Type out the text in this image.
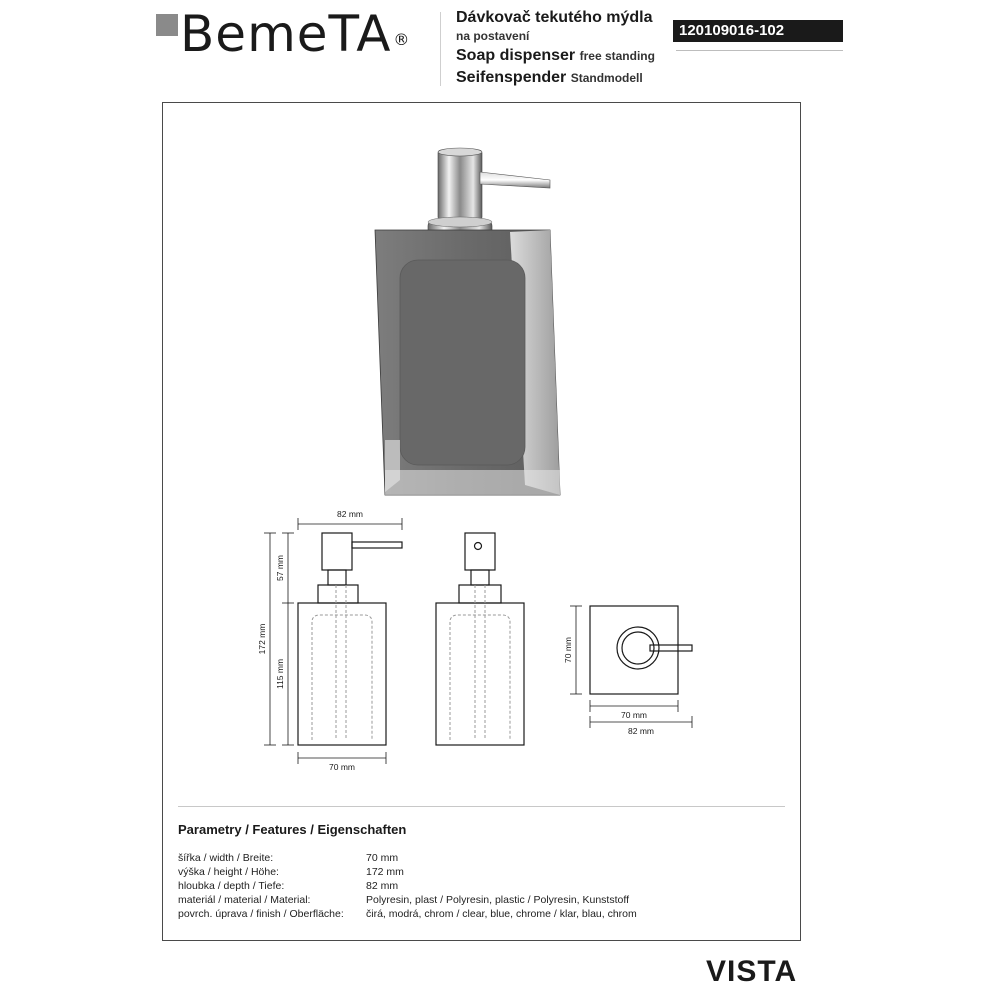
BemeTA ®
Dávkovač tekutého mýdla
na postavení
Soap dispenser free standing
Seifenspender Standmodell
120109016-102
82 mm
57 mm
172 mm
115 mm
70 mm
70 mm
70 mm
82 mm
Parametry / Features / Eigenschaften
šířka / width / Breite:	70 mm
výška / height / Höhe:	172 mm
hloubka / depth / Tiefe:	82 mm
materiál / material / Material:	Polyresin, plast / Polyresin, plastic / Polyresin, Kunststoff
povrch. úprava / finish / Oberfläche: čirá, modrá, chrom / clear, blue, chrome / klar, blau, chrom
VISTA
